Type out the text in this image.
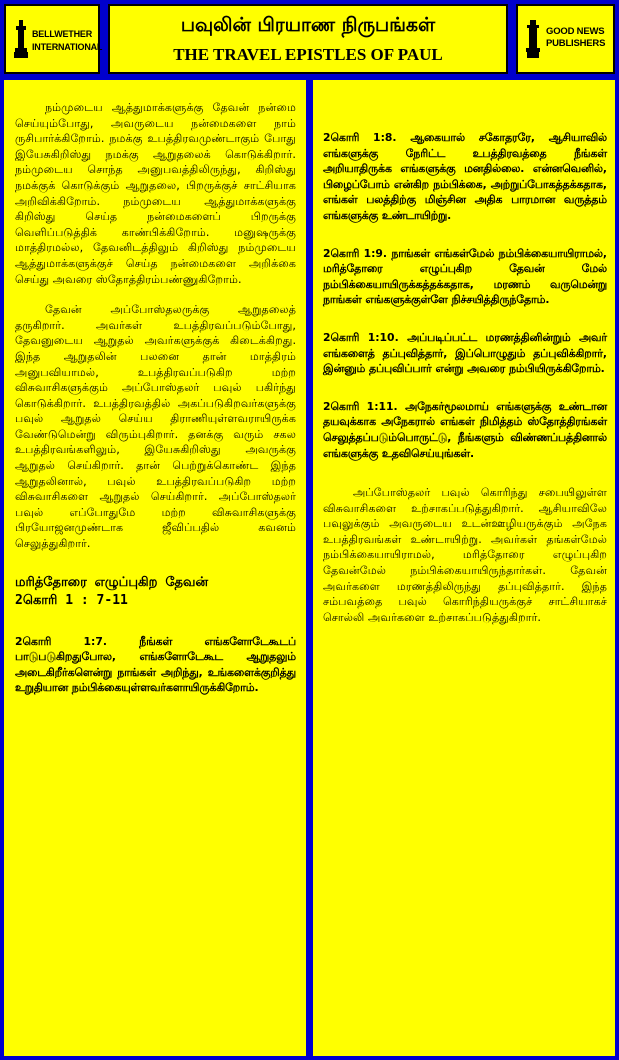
BELLWETHER
INTERNATIONAL
பவுலின் பிரயாண நிருபங்கள்
THE TRAVEL EPISTLES OF PAUL
GOOD NEWS
PUBLISHERS

நம்முடைய ஆத்துமாக்களுக்கு தேவன் நன்மை செய்யும்போது, அவருடைய நன்மைகளை நாம் ருசிபார்க்கிறோம். நமக்கு உபத்திரவமுண்டாகும் போது இயேசுகிறிஸ்து நமக்கு ஆறுதலைக் கொடுக்கிறார். நம்முடைய சொந்த அனுபவத்திலிருந்து, கிறிஸ்து நமக்குக் கொடுக்கும் ஆறுதலை, பிறருக்குச் சாட்சியாக அறிவிக்கிறோம். நம்முடைய ஆத்துமாக்களுக்கு கிறிஸ்து செய்த நன்மைகளைப் பிறருக்கு வெளிப்படுத்திக் காண்பிக்கிறோம். மனுஷருக்கு மாத்திரமல்ல, தேவனிடத்திலும் கிறிஸ்து நம்முடைய ஆத்துமாக்களுக்குச் செய்த நன்மைகளை அறிக்கை செய்து அவரை ஸ்தோத்திரம்பண்ணுகிறோம்.

தேவன் அப்போஸ்தலருக்கு ஆறுதலைத் தருகிறார். அவர்கள் உபத்திரவப்படும்போது, தேவனுடைய ஆறுதல் அவர்களுக்குக் கிடைக்கிறது. இந்த ஆறுதலின் பலனை தான் மாத்திரம் அனுபவியாமல், உபத்திரவப்படுகிற மற்ற விசுவாசிகளுக்கும் அப்போஸ்தலர் பவுல் பகிர்ந்து கொடுக்கிறார். உபத்திரவத்தில் அகப்படுகிறவர்களுக்கு பவுல் ஆறுதல் செய்ய திராணியுள்ளவராயிருக்க வேண்டுமென்று விரும்புகிறார். தனக்கு வரும் சகல உபத்திரவங்களிலும், இயேசுகிறிஸ்து அவருக்கு ஆறுதல் செய்கிறார். தான் பெற்றுக்கொண்ட இந்த ஆறுதலினால், பவுல் உபத்திரவப்படுகிற மற்ற விசுவாசிகளை ஆறுதல் செய்கிறார். அப்போஸ்தலர் பவுல் எப்போதுமே மற்ற விசுவாசிகளுக்கு பிரயோஜனமுண்டாக ஜீவிப்பதில் கவனம் செலுத்துகிறார்.

மரித்தோரை எழுப்புகிற தேவன்
2கொரி 1 : 7-11

2கொரி 1:7. நீங்கள் எங்களோடேகூடப் பாடுபடுகிறதுபோல, எங்களோடேகூட ஆறுதலும் அடைகிறீர்களென்று நாங்கள் அறிந்து, உங்களைக்குறித்து உறுதியான நம்பிக்கையுள்ளவர்களாயிருக்கிறோம்.

2கொரி 1:8. ஆகையால் சகோதரரே, ஆசியாவில் எங்களுக்கு நேரிட்ட உபத்திரவத்தை நீங்கள் அறியாதிருக்க எங்களுக்கு மனதில்லை. என்னவெனில், பிழைப்போம் என்கிற நம்பிக்கை, அற்றுப்போகத்தக்கதாக, எங்கள் பலத்திற்கு மிஞ்சின அதிக பாரமான வருத்தம் எங்களுக்கு உண்டாயிற்று.

2கொரி 1:9. நாங்கள் எங்கள்மேல் நம்பிக்கையாயிராமல், மரித்தோரை எழுப்புகிற தேவன் மேல் நம்பிக்கையாயிருக்கத்தக்கதாக, மரணம் வருமென்று நாங்கள் எங்களுக்குள்ளே நிச்சயித்திருந்தோம்.

2கொரி 1:10. அப்படிப்பட்ட மரணத்தினின்றும் அவர் எங்களைத் தப்புவித்தார், இப்பொழுதும் தப்புவிக்கிறார், இன்னும் தப்புவிப்பார் என்று அவரை நம்பியிருக்கிறோம்.

2கொரி 1:11. அநேகர்மூலமாய் எங்களுக்கு உண்டான தயவுக்காக அநேகரால் எங்கள் நிமித்தம் ஸ்தோத்திரங்கள் செலுத்தப்படும்பொருட்டு, நீங்களும் விண்ணப்பத்தினால் எங்களுக்கு உதவிசெய்யுங்கள்.

அப்போஸ்தலர் பவுல் கொரிந்து சபையிலுள்ள விசுவாசிகளை உற்சாகப்படுத்துகிறார். ஆசியாவிலே பவுலுக்கும் அவருடைய உடன்ஊழியருக்கும் அநேக உபத்திரவங்கள் உண்டாயிற்று. அவர்கள் தங்கள்மேல் நம்பிக்கையாயிராமல், மரித்தோரை எழுப்புகிற தேவன்மேல் நம்பிக்கையாயிருந்தார்கள். தேவன் அவர்களை மரணத்திலிருந்து தப்புவித்தார். இந்த சம்பவத்தை பவுல் கொரிந்தியருக்குச் சாட்சியாகச் சொல்லி அவர்களை உற்சாகப்படுத்துகிறார்.
